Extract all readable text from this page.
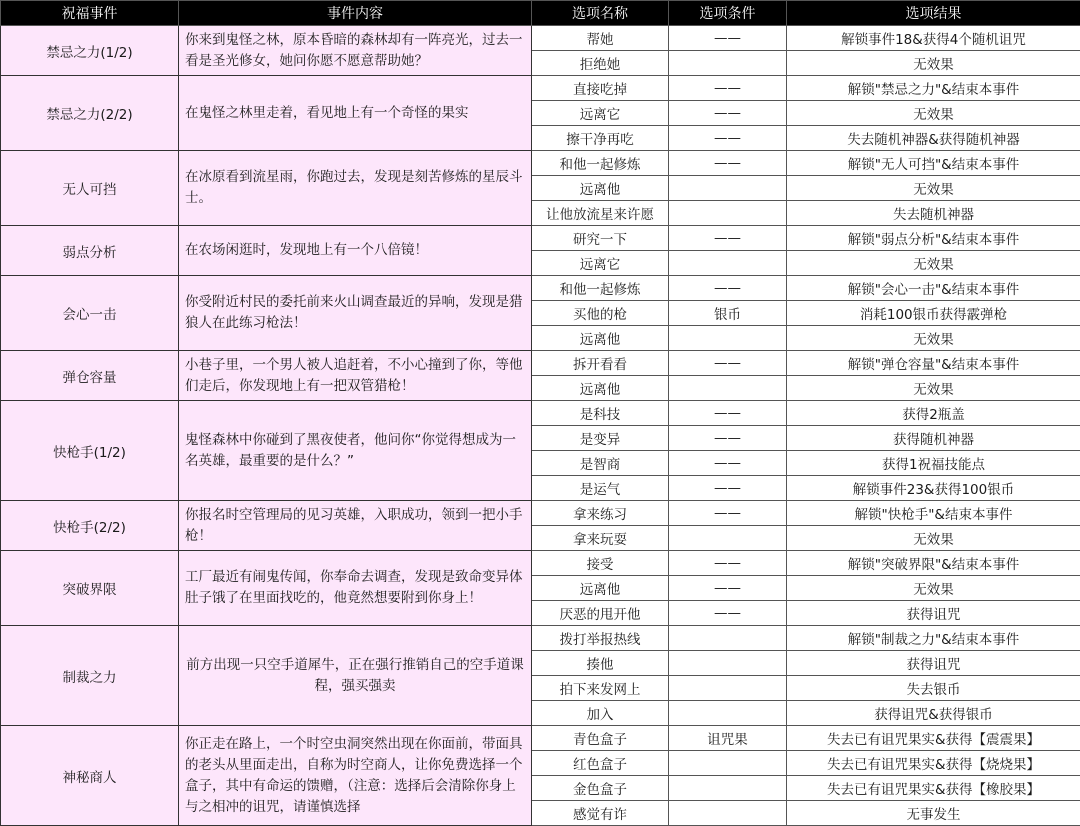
祝福事件	事件内容	选项名称	选项条件	选项结果
禁忌之力(1/2)	你来到鬼怪之林，原本昏暗的森林却有一阵亮光，过去一看是圣光修女，她问你愿不愿意帮助她？	帮她	——	解锁事件18&获得4个随机诅咒
		拒绝她		无效果
禁忌之力(2/2)	在鬼怪之林里走着，看见地上有一个奇怪的果实	直接吃掉	——	解锁"禁忌之力"&结束本事件
		远离它	——	无效果
		擦干净再吃	——	失去随机神器&获得随机神器
无人可挡	在冰原看到流星雨，你跑过去，发现是刻苦修炼的星辰斗士。	和他一起修炼	——	解锁"无人可挡"&结束本事件
		远离他		无效果
		让他放流星来许愿		失去随机神器
弱点分析	在农场闲逛时，发现地上有一个八倍镜！	研究一下	——	解锁"弱点分析"&结束本事件
		远离它		无效果
会心一击	你受附近村民的委托前来火山调查最近的异响，发现是猎狼人在此练习枪法！	和他一起修炼	——	解锁"会心一击"&结束本事件
		买他的枪	银币	消耗100银币获得霰弹枪
		远离他		无效果
弹仓容量	小巷子里，一个男人被人追赶着，不小心撞到了你，等他们走后，你发现地上有一把双管猎枪！	拆开看看	——	解锁"弹仓容量"&结束本事件
		远离他		无效果
快枪手(1/2)	鬼怪森林中你碰到了黑夜使者，他问你“你觉得想成为一名英雄，最重要的是什么？”	是科技	——	获得2瓶盖
		是变异	——	获得随机神器
		是智商	——	获得1祝福技能点
		是运气	——	解锁事件23&获得100银币
快枪手(2/2)	你报名时空管理局的见习英雄，入职成功，领到一把小手枪！	拿来练习	——	解锁"快枪手"&结束本事件
		拿来玩耍		无效果
突破界限	工厂最近有闹鬼传闻，你奉命去调查，发现是致命变异体肚子饿了在里面找吃的，他竟然想要附到你身上！	接受	——	解锁"突破界限"&结束本事件
		远离他	——	无效果
		厌恶的甩开他	——	获得诅咒
制裁之力	前方出现一只空手道犀牛，正在强行推销自己的空手道课程，强买强卖	拨打举报热线		解锁"制裁之力"&结束本事件
		揍他		获得诅咒
		拍下来发网上		失去银币
		加入		获得诅咒&获得银币
神秘商人	你正走在路上，一个时空虫洞突然出现在你面前，带面具的老头从里面走出，自称为时空商人，让你免费选择一个盒子，其中有命运的馈赠，（注意：选择后会清除你身上与之相冲的诅咒，请谨慎选择	青色盒子	诅咒果	失去已有诅咒果实&获得【震震果】
		红色盒子		失去已有诅咒果实&获得【烧烧果】
		金色盒子		失去已有诅咒果实&获得【橡胶果】
		感觉有诈		无事发生
